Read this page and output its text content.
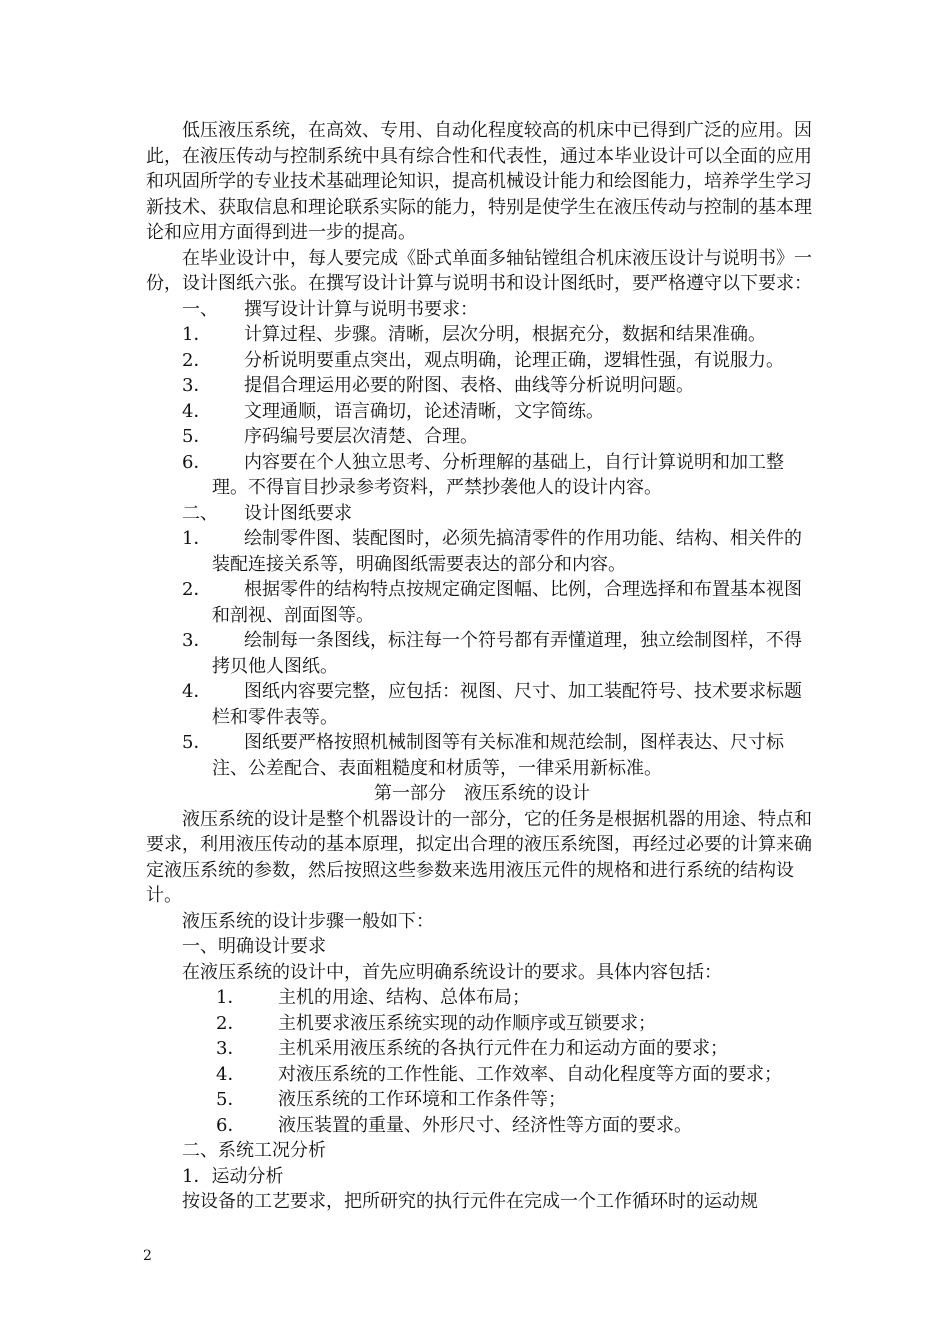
低压液压系统，在高效、专用、自动化程度较高的机床中已得到广泛的应用。因此，在液压传动与控制系统中具有综合性和代表性，通过本毕业设计可以全面的应用和巩固所学的专业技术基础理论知识，提高机械设计能力和绘图能力，培养学生学习新技术、获取信息和理论联系实际的能力，特别是使学生在液压传动与控制的基本理论和应用方面得到进一步的提高。

在毕业设计中，每人要完成《卧式单面多轴钻镗组合机床液压设计与说明书》一份，设计图纸六张。在撰写设计计算与说明书和设计图纸时，要严格遵守以下要求：

一、 撰写设计计算与说明书要求：
1． 计算过程、步骤。清晰，层次分明，根据充分，数据和结果准确。
2． 分析说明要重点突出，观点明确，论理正确，逻辑性强，有说服力。
3． 提倡合理运用必要的附图、表格、曲线等分析说明问题。
4． 文理通顺，语言确切，论述清晰，文字简练。
5． 序码编号要层次清楚、合理。
6． 内容要在个人独立思考、分析理解的基础上，自行计算说明和加工整理。不得盲目抄录参考资料，严禁抄袭他人的设计内容。
二、 设计图纸要求
1． 绘制零件图、装配图时，必须先搞清零件的作用功能、结构、相关件的装配连接关系等，明确图纸需要表达的部分和内容。
2． 根据零件的结构特点按规定确定图幅、比例，合理选择和布置基本视图和剖视、剖面图等。
3． 绘制每一条图线，标注每一个符号都有弄懂道理，独立绘制图样，不得拷贝他人图纸。
4． 图纸内容要完整，应包括：视图、尺寸、加工装配符号、技术要求标题栏和零件表等。
5． 图纸要严格按照机械制图等有关标准和规范绘制，图样表达、尺寸标注、公差配合、表面粗糙度和材质等，一律采用新标准。
第一部分 液压系统的设计

液压系统的设计是整个机器设计的一部分，它的任务是根据机器的用途、特点和要求，利用液压传动的基本原理，拟定出合理的液压系统图，再经过必要的计算来确定液压系统的参数，然后按照这些参数来选用液压元件的规格和进行系统的结构设计。

液压系统的设计步骤一般如下：

一、明确设计要求

在液压系统的设计中，首先应明确系统设计的要求。具体内容包括：

1． 主机的用途、结构、总体布局；
2． 主机要求液压系统实现的动作顺序或互锁要求；
3． 主机采用液压系统的各执行元件在力和运动方面的要求；
4． 对液压系统的工作性能、工作效率、自动化程度等方面的要求；
5． 液压系统的工作环境和工作条件等；
6． 液压装置的重量、外形尺寸、经济性等方面的要求。

二、系统工况分析

1．运动分析

按设备的工艺要求，把所研究的执行元件在完成一个工作循环时的运动规

2
